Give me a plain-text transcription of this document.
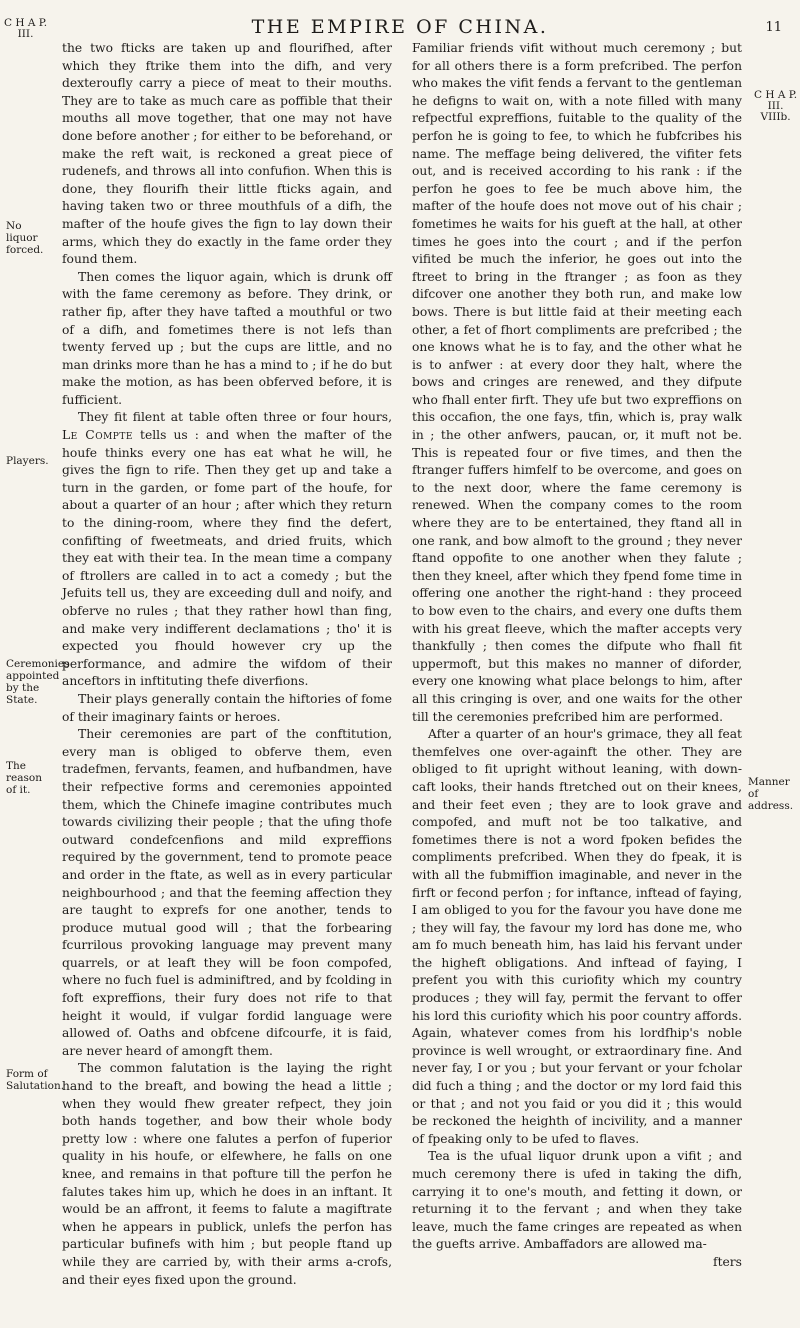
THE EMPIRE OF CHINA.	11
C H A P.
III.
C H A P.
III.
VIIIb.
No liquor forced.
Players.
Ceremonies appointed by the State.
The reason of it.
Form of Salutation.
Manner of address.

the two fticks are taken up and flourifhed, after which they ftrike them into the difh, and very dexteroufly carry a piece of meat to their mouths. They are to take as much care as poffible that their mouths all move together, that one may not have done before another ; for either to be beforehand, or make the reft wait, is reckoned a great piece of rudenefs, and throws all into confufion. When this is done, they flourifh their little fticks again, and having taken two or three mouthfuls of a difh, the mafter of the houfe gives the fign to lay down their arms, which they do exactly in the fame order they found them.

Then comes the liquor again, which is drunk off with the fame ceremony as before. They drink, or rather fip, after they have tafted a mouthful or two of a difh, and fometimes there is not lefs than twenty ferved up ; but the cups are little, and no man drinks more than he has a mind to ; if he do but make the motion, as has been obferved before, it is fufficient.

They fit filent at table often three or four hours, Le Compte tells us : and when the mafter of the houfe thinks every one has eat what he will, he gives the fign to rife. Then they get up and take a turn in the garden, or fome part of the houfe, for about a quarter of an hour ; after which they return to the dining-room, where they find the defert, confifting of fweetmeats, and dried fruits, which they eat with their tea. In the mean time a company of ftrollers are called in to act a comedy ; but the Jefuits tell us, they are exceeding dull and noify, and obferve no rules ; that they rather howl than fing, and make very indifferent declamations ; tho' it is expected you fhould however cry up the performance, and admire the wifdom of their anceftors in inftituting thefe diverfions.

Their plays generally contain the hiftories of fome of their imaginary faints or heroes.

Their ceremonies are part of the conftitution, every man is obliged to obferve them, even tradefmen, fervants, feamen, and hufbandmen, have their refpective forms and ceremonies appointed them, which the Chinefe imagine contributes much towards civilizing their people ; that the ufing thofe outward condefcenfions and mild expreffions required by the government, tend to promote peace and order in the ftate, as well as in every particular neighbourhood ; and that the feeming affection they are taught to exprefs for one another, tends to produce mutual good will ; that the forbearing fcurrilous provoking language may prevent many quarrels, or at leaft they will be foon compofed, where no fuch fuel is adminiftred, and by fcolding in foft expreffions, their fury does not rife to that height it would, if vulgar fordid language were allowed of. Oaths and obfcene difcourfe, it is faid, are never heard of amongft them.

The common falutation is the laying the right hand to the breaft, and bowing the head a little ; when they would fhew greater refpect, they join both hands together, and bow their whole body pretty low : where one falutes a perfon of fuperior quality in his houfe, or elfewhere, he falls on one knee, and remains in that pofture till the perfon he falutes takes him up, which he does in an inftant. It would be an affront, it feems to falute a magiftrate when he appears in publick, unlefs the perfon has particular bufinefs with him ; but people ftand up while they are carried by, with their arms a-crofs, and their eyes fixed upon the ground.

Familiar friends vifit without much ceremony ; but for all others there is a form prefcribed. The perfon who makes the vifit fends a fervant to the gentleman he defigns to wait on, with a note filled with many refpectful expreffions, fuitable to the quality of the perfon he is going to fee, to which he fubfcribes his name. The meffage being delivered, the vifiter fets out, and is received according to his rank : if the perfon he goes to fee be much above him, the mafter of the houfe does not move out of his chair ; fometimes he waits for his gueft at the hall, at other times he goes into the court ; and if the perfon vifited be much the inferior, he goes out into the ftreet to bring in the ftranger ; as foon as they difcover one another they both run, and make low bows. There is but little faid at their meeting each other, a fet of fhort compliments are prefcribed ; the one knows what he is to fay, and the other what he is to anfwer : at every door they halt, where the bows and cringes are renewed, and they difpute who fhall enter firft. They ufe but two expreffions on this occafion, the one fays, tfin, which is, pray walk in ; the other anfwers, paucan, or, it muft not be. This is repeated four or five times, and then the ftranger fuffers himfelf to be overcome, and goes on to the next door, where the fame ceremony is renewed. When the company comes to the room where they are to be entertained, they ftand all in one rank, and bow almoft to the ground ; they never ftand oppofite to one another when they falute ; then they kneel, after which they fpend fome time in offering one another the right-hand : they proceed to bow even to the chairs, and every one dufts them with his great fleeve, which the mafter accepts very thankfully ; then comes the difpute who fhall fit uppermoft, but this makes no manner of diforder, every one knowing what place belongs to him, after all this cringing is over, and one waits for the other till the ceremonies prefcribed him are performed.

After a quarter of an hour's grimace, they all feat themfelves one over-againft the other. They are obliged to fit upright without leaning, with down-caft looks, their hands ftretched out on their knees, and their feet even ; they are to look grave and compofed, and muft not be too talkative, and fometimes there is not a word fpoken befides the compliments prefcribed. When they do fpeak, it is with all the fubmiffion imaginable, and never in the firft or fecond perfon ; for inftance, inftead of faying, I am obliged to you for the favour you have done me ; they will fay, the favour my lord has done me, who am fo much beneath him, has laid his fervant under the higheft obligations. And inftead of faying, I prefent you with this curiofity which my country produces ; they will fay, permit the fervant to offer his lord this curiofity which his poor country affords. Again, whatever comes from his lordfhip's noble province is well wrought, or extraordinary fine. And never fay, I or you ; but your fervant or your fcholar did fuch a thing ; and the doctor or my lord faid this or that ; and not you faid or you did it ; this would be reckoned the heighth of incivility, and a manner of fpeaking only to be ufed to flaves.

Tea is the ufual liquor drunk upon a vifit ; and much ceremony there is ufed in taking the difh, carrying it to one's mouth, and fetting it down, or returning it to the fervant ; and when they take leave, much the fame cringes are repeated as when the guefts arrive. Ambaffadors are allowed ma-

fters
